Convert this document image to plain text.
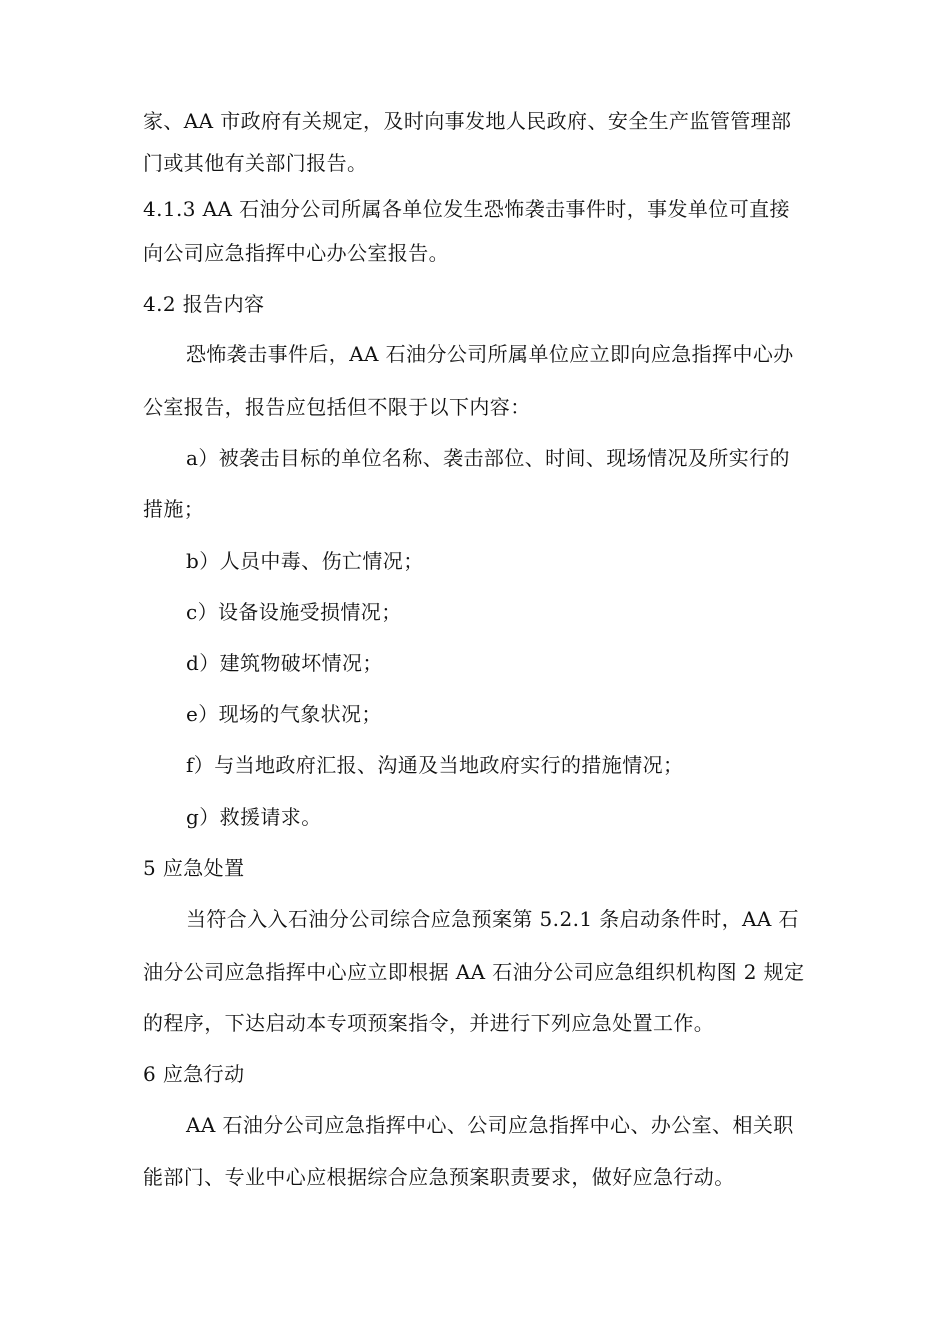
家、AA 市政府有关规定，及时向事发地人民政府、安全生产监管管理部
门或其他有关部门报告。
4.1.3 AA 石油分公司所属各单位发生恐怖袭击事件时，事发单位可直接
向公司应急指挥中心办公室报告。
4.2 报告内容
恐怖袭击事件后，AA 石油分公司所属单位应立即向应急指挥中心办
公室报告，报告应包括但不限于以下内容：
a）被袭击目标的单位名称、袭击部位、时间、现场情况及所实行的
措施；
b）人员中毒、伤亡情况；
c）设备设施受损情况；
d）建筑物破坏情况；
e）现场的气象状况；
f）与当地政府汇报、沟通及当地政府实行的措施情况；
g）救援请求。
5 应急处置
当符合入入石油分公司综合应急预案第 5.2.1 条启动条件时，AA 石
油分公司应急指挥中心应立即根据 AA 石油分公司应急组织机构图 2 规定
的程序，下达启动本专项预案指令，并进行下列应急处置工作。
6 应急行动
AA 石油分公司应急指挥中心、公司应急指挥中心、办公室、相关职
能部门、专业中心应根据综合应急预案职责要求，做好应急行动。
